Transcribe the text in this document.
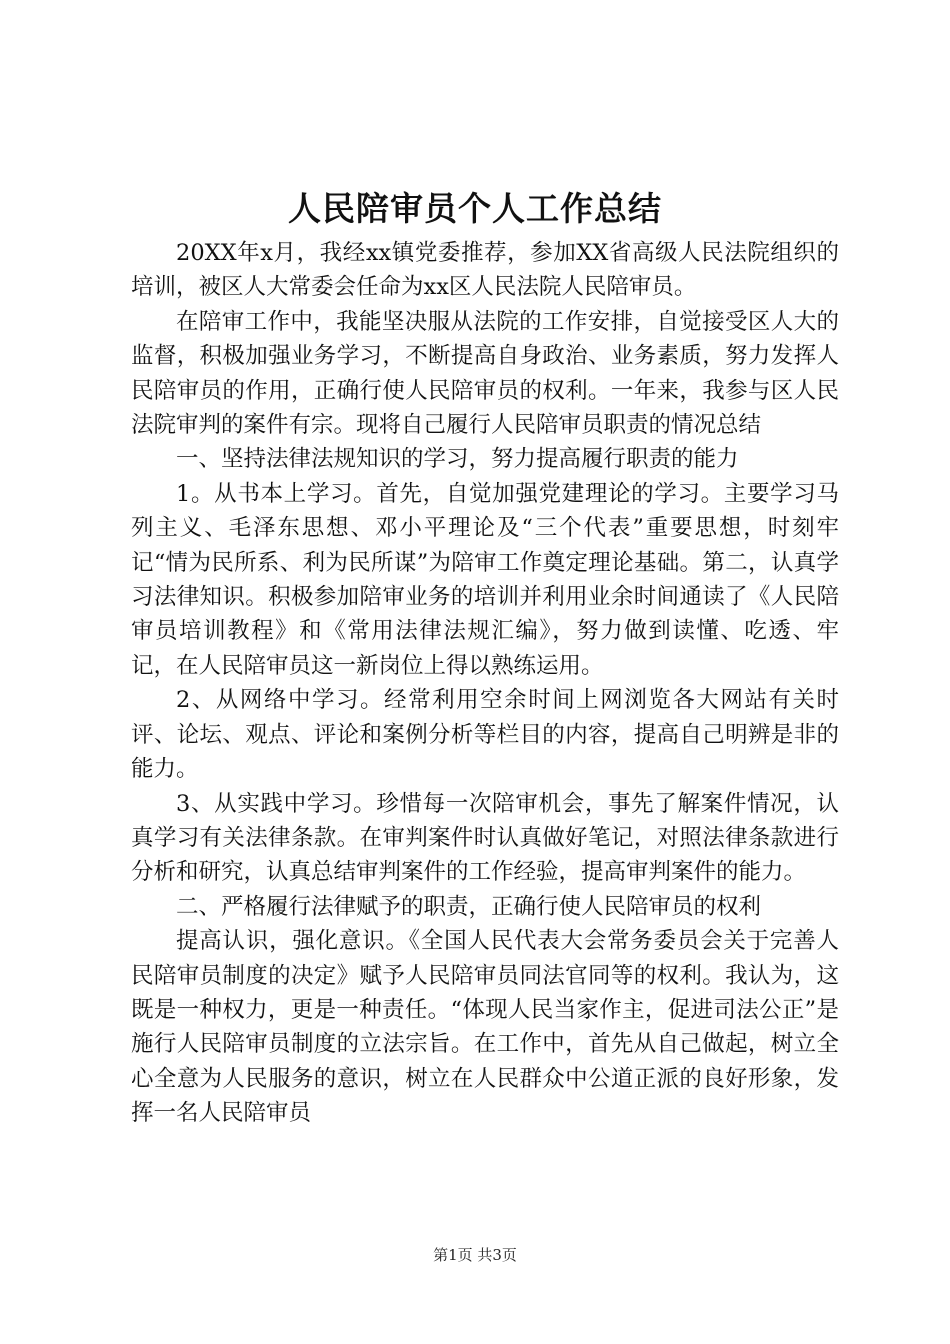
人民陪审员个人工作总结

20XX年x月，我经xx镇党委推荐，参加XX省高级人民法院组织的培训，被区人大常委会任命为xx区人民法院人民陪审员。

在陪审工作中，我能坚决服从法院的工作安排，自觉接受区人大的监督，积极加强业务学习，不断提高自身政治、业务素质，努力发挥人民陪审员的作用，正确行使人民陪审员的权利。一年来，我参与区人民法院审判的案件有宗。现将自己履行人民陪审员职责的情况总结

一、坚持法律法规知识的学习，努力提高履行职责的能力

1。从书本上学习。首先，自觉加强党建理论的学习。主要学习马列主义、毛泽东思想、邓小平理论及“三个代表”重要思想，时刻牢记“情为民所系、利为民所谋”为陪审工作奠定理论基础。第二，认真学习法律知识。积极参加陪审业务的培训并利用业余时间通读了《人民陪审员培训教程》和《常用法律法规汇编》，努力做到读懂、吃透、牢记，在人民陪审员这一新岗位上得以熟练运用。

2、从网络中学习。经常利用空余时间上网浏览各大网站有关时评、论坛、观点、评论和案例分析等栏目的内容，提高自己明辨是非的能力。

3、从实践中学习。珍惜每一次陪审机会，事先了解案件情况，认真学习有关法律条款。在审判案件时认真做好笔记，对照法律条款进行分析和研究，认真总结审判案件的工作经验，提高审判案件的能力。

二、严格履行法律赋予的职责，正确行使人民陪审员的权利

提高认识，强化意识。《全国人民代表大会常务委员会关于完善人民陪审员制度的决定》赋予人民陪审员同法官同等的权利。我认为，这既是一种权力，更是一种责任。“体现人民当家作主，促进司法公正”是施行人民陪审员制度的立法宗旨。在工作中，首先从自己做起，树立全心全意为人民服务的意识，树立在人民群众中公道正派的良好形象，发挥一名人民陪审员

第1页 共3页
